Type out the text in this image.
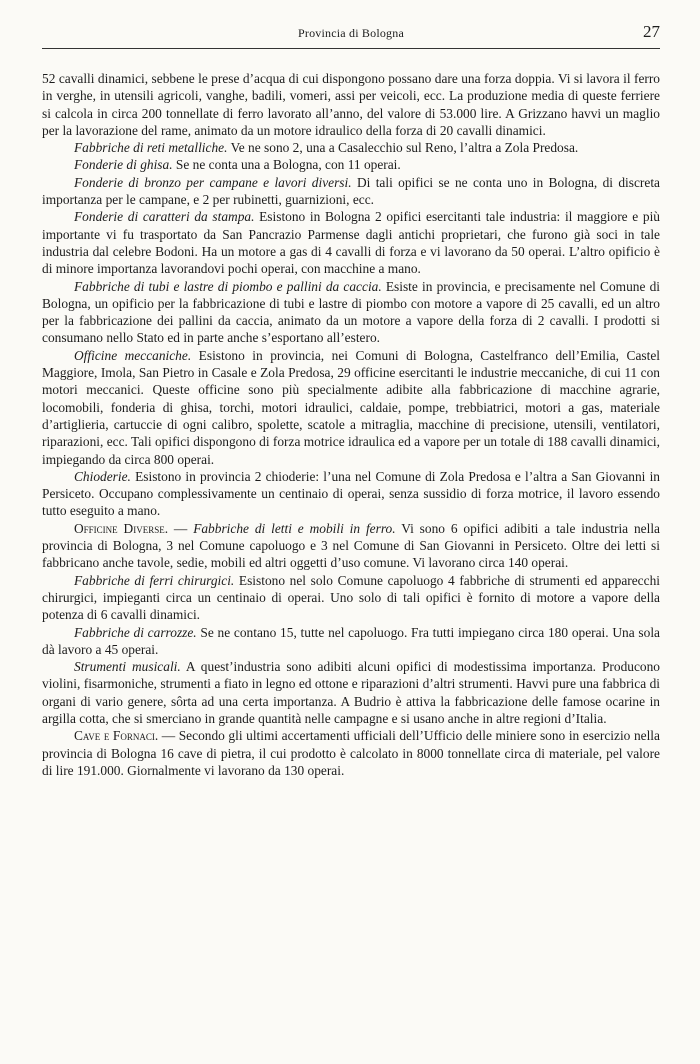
Provincia di Bologna	27

52 cavalli dinamici, sebbene le prese d’acqua di cui dispongono possano dare una forza doppia. Vi si lavora il ferro in verghe, in utensili agricoli, vanghe, badili, vomeri, assi per veicoli, ecc. La produzione media di queste ferriere si calcola in circa 200 tonnellate di ferro lavorato all’anno, del valore di 53.000 lire. A Grizzano havvi un maglio per la lavorazione del rame, animato da un motore idraulico della forza di 20 cavalli dinamici.

Fabbriche di reti metalliche. Ve ne sono 2, una a Casalecchio sul Reno, l’altra a Zola Predosa.

Fonderie di ghisa. Se ne conta una a Bologna, con 11 operai.

Fonderie di bronzo per campane e lavori diversi. Di tali opifici se ne conta uno in Bologna, di discreta importanza per le campane, e 2 per rubinetti, guarnizioni, ecc.

Fonderie di caratteri da stampa. Esistono in Bologna 2 opifici esercitanti tale industria: il maggiore e più importante vi fu trasportato da San Pancrazio Parmense dagli antichi proprietari, che furono già soci in tale industria dal celebre Bodoni. Ha un motore a gas di 4 cavalli di forza e vi lavorano da 50 operai. L’altro opificio è di minore importanza lavorandovi pochi operai, con macchine a mano.

Fabbriche di tubi e lastre di piombo e pallini da caccia. Esiste in provincia, e precisamente nel Comune di Bologna, un opificio per la fabbricazione di tubi e lastre di piombo con motore a vapore di 25 cavalli, ed un altro per la fabbricazione dei pallini da caccia, animato da un motore a vapore della forza di 2 cavalli. I prodotti si consumano nello Stato ed in parte anche s’esportano all’estero.

Officine meccaniche. Esistono in provincia, nei Comuni di Bologna, Castelfranco dell’Emilia, Castel Maggiore, Imola, San Pietro in Casale e Zola Predosa, 29 officine esercitanti le industrie meccaniche, di cui 11 con motori meccanici. Queste officine sono più specialmente adibite alla fabbricazione di macchine agrarie, locomobili, fonderia di ghisa, torchi, motori idraulici, caldaie, pompe, trebbiatrici, motori a gas, materiale d’artiglieria, cartuccie di ogni calibro, spolette, scatole a mitraglia, macchine di precisione, utensili, ventilatori, riparazioni, ecc. Tali opifici dispongono di forza motrice idraulica ed a vapore per un totale di 188 cavalli dinamici, impiegando da circa 800 operai.

Chioderie. Esistono in provincia 2 chioderie: l’una nel Comune di Zola Predosa e l’altra a San Giovanni in Persiceto. Occupano complessivamente un centinaio di operai, senza sussidio di forza motrice, il lavoro essendo tutto eseguito a mano.

Officine Diverse. — Fabbriche di letti e mobili in ferro. Vi sono 6 opifici adibiti a tale industria nella provincia di Bologna, 3 nel Comune capoluogo e 3 nel Comune di San Giovanni in Persiceto. Oltre dei letti si fabbricano anche tavole, sedie, mobili ed altri oggetti d’uso comune. Vi lavorano circa 140 operai.

Fabbriche di ferri chirurgici. Esistono nel solo Comune capoluogo 4 fabbriche di strumenti ed apparecchi chirurgici, impieganti circa un centinaio di operai. Uno solo di tali opifici è fornito di motore a vapore della potenza di 6 cavalli dinamici.

Fabbriche di carrozze. Se ne contano 15, tutte nel capoluogo. Fra tutti impiegano circa 180 operai. Una sola dà lavoro a 45 operai.

Strumenti musicali. A quest’industria sono adibiti alcuni opifici di modestissima importanza. Producono violini, fisarmoniche, strumenti a fiato in legno ed ottone e riparazioni d’altri strumenti. Havvi pure una fabbrica di organi di vario genere, sôrta ad una certa importanza. A Budrio è attiva la fabbricazione delle famose ocarine in argilla cotta, che si smerciano in grande quantità nelle campagne e si usano anche in altre regioni d’Italia.

Cave e Fornaci. — Secondo gli ultimi accertamenti ufficiali dell’Ufficio delle miniere sono in esercizio nella provincia di Bologna 16 cave di pietra, il cui prodotto è calcolato in 8000 tonnellate circa di materiale, pel valore di lire 191.000. Giornalmente vi lavorano da 130 operai.
